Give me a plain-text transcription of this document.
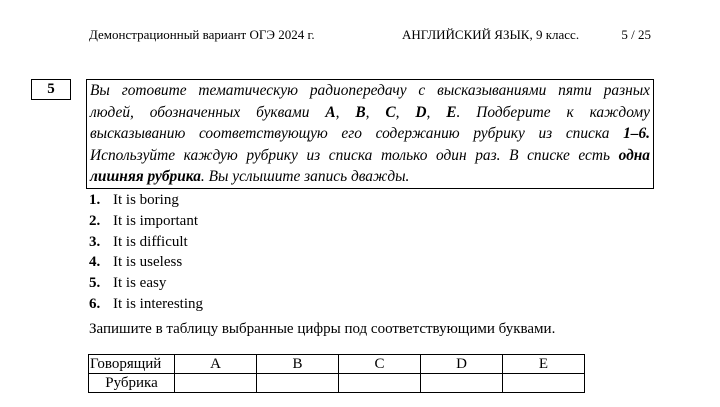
Демонстрационный вариант ОГЭ 2024 г.	АНГЛИЙСКИЙ ЯЗЫК, 9 класс.	5 / 25
5	Вы готовите тематическую радиопередачу с высказываниями пяти разных
людей, обозначенных буквами A, B, C, D, E. Подберите к каждому
высказыванию соответствующую его содержанию рубрику из списка 1–6.
Используйте каждую рубрику из списка только один раз. В списке есть одна
лишняя рубрика. Вы услышите запись дважды.
1. It is boring
2. It is important
3. It is difficult
4. It is useless
5. It is easy
6. It is interesting
Запишите в таблицу выбранные цифры под соответствующими буквами.
Говорящий	A	B	C	D	E
Рубрика					
